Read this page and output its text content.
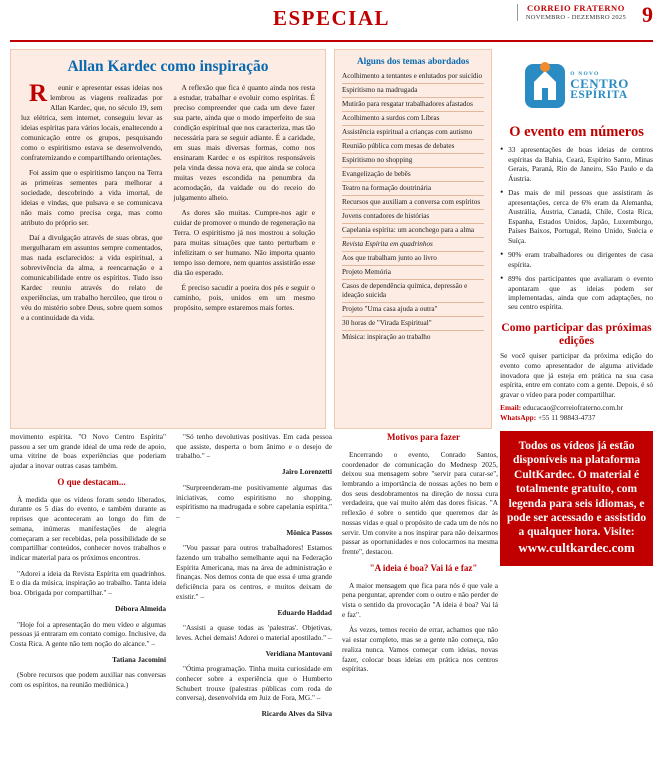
ESPECIAL	CORREIO FRATERNO
NOVEMBRO - DEZEMBRO 2025 9
Allan Kardec como inspiração

Reunir e apresentar essas ideias nos lembrou as viagens realizadas por Allan Kardec, que, no século 19, sem luz elétrica, sem internet, conseguiu levar as ideias espíritas para vários locais, enaltecendo a comunicação entre os grupos, pesquisando como o espiritismo estava se desenvolvendo, confraternizando e compartilhando orientações.

Foi assim que o espiritismo lançou na Terra as primeiras sementes para melhorar a sociedade, descobrindo a vida imortal, de ideias e vindas, que pulsava e se comunicava não mais como precisa cega, mas como atributo do próprio ser.

Daí a divulgação através de suas obras, que mergulharam em assuntos sempre comentados, mas nada esclarecidos: a vida espiritual, a sobrevivência da alma, a reencarnação e a comunicabilidade entre os espíritos. Tudo isso Kardec reuniu através do relato de experiências, um trabalho hercúleo, que tirou o véu do mistério sobre Deus, sobre quem somos e a continuidade da vida.

A reflexão que fica é quanto ainda nos resta a estudar, trabalhar e evoluir como espíritas. É preciso compreender que cada um deve fazer sua parte, ainda que o modo imperfeito de sua condição espiritual que nos caracteriza, mas tão necessária para se seguir adiante. É a caridade, em suas mais diversas formas, como nos ensinaram Kardec e os espíritos responsáveis pela vinda dessa nova era, que ainda se coloca muitas vezes escondida na penumbra da acomodação, da vaidade ou do receio do julgamento alheio.

As dores são muitas. Cumpre-nos agir e cuidar de promover o mundo de regeneração na Terra. O espiritismo já nos mostrou a solução para muitas situações que tanto perturbam e infelizitam o ser humano. Não importa quanto tempo isso demore, nem quantos assistirão esse dia tão esperado.

É preciso sacudir a poeira dos pés e seguir o caminho, pois, unidos em um mesmo propósito, sempre estaremos mais fortes.

Alguns dos temas abordados
Acolhimento a tentantes e enlutados por suicídio
Espiritismo na madrugada
Mutirão para resgatar trabalhadores afastados
Acolhimento a surdos com Libras
Assistência espiritual a crianças com autismo
Reunião pública com mesas de debates
Espiritismo no shopping
Evangelização de bebês
Teatro na formação doutrinária
Recursos que auxiliam a conversa com espíritos
Jovens contadores de histórias
Capelania espírita: um aconchego para a alma
Revista Espírita em quadrinhos
Aos que trabalham junto ao livro
Projeto Memória
Casos de dependência química, depressão e ideação suicida
Projeto "Uma casa ajuda a outra"
30 horas de "Virada Espiritual"
Música: inspiração ao trabalho
O NOVO
CENTRO
ESPÍRITA
O evento em números
• 33 apresentações de boas ideias de centros espíritas da Bahia, Ceará, Espírito Santo, Minas Gerais, Paraná, Rio de Janeiro, São Paulo e da Áustria.
• Das mais de mil pessoas que assistiram às apresentações, cerca de 6% eram da Alemanha, Austrália, Áustria, Canadá, Chile, Costa Rica, Espanha, Estados Unidos, Japão, Luxemburgo, Países Baixos, Portugal, Reino Unido, Suécia e Suíça.
• 90% eram trabalhadores ou dirigentes de casa espírita.
• 89% dos participantes que avaliaram o evento apontaram que as ideias podem ser implementadas, ainda que com adaptações, no seu centro espírita.
Como participar das próximas edições

Se você quiser participar da próxima edição do evento como apresentador de alguma atividade inovadora que já esteja em prática na sua casa espírita, entre em contato com a gente. Depois, é só gravar o vídeo para poder compartilhar.

Email: educacao@correiofraterno.com.br
WhatsApp: +55 11 98843-4737
Todos os vídeos já estão disponíveis na plataforma CultKardec. O material é totalmente gratuito, com legenda para seis idiomas, e pode ser acessado e assistido a qualquer hora. Visite:
www.cultkardec.com

movimento espírita. "O Novo Centro Espírita" passou a ser um grande ideal de uma rede de apoio, uma vitrine de boas experiências que poderiam ajudar a inovar outras casas também.

O que destacam...

À medida que os vídeos foram sendo liberados, durante os 5 dias do evento, e também durante as reprises que aconteceram ao longo do fim de semana, inúmeras manifestações de alegria começaram a ser recebidas, pela possibilidade de se compartilhar conteúdos, conhecer novos trabalhos e indicar material para os próximos encontros.

"Adorei a ideia da Revista Espírita em quadrinhos. E o dia da música, inspiração ao trabalho. Tanta ideia boa. Obrigada por compartilhar." –

Débora Almeida

"Hoje foi a apresentação do meu vídeo e algumas pessoas já entraram em contato comigo. Inclusive, da Costa Rica. A gente não tem noção do alcance." –

Tatiana Jacomini

(Sobre recursos que podem auxiliar nas conversas com os espíritos, na reunião mediúnica.)

"Só tenho devolutivas positivas. Em cada pessoa que assiste, desperta o bom ânimo e o desejo de trabalho." –

Jairo Lorenzetti

"Surpreenderam-me positivamente algumas das iniciativas, como espiritismo no shopping, espiritismo na madrugada e sobre capelania espírita." –

Mônica Passos

"Vou passar para outros trabalhadores! Estamos fazendo um trabalho semelhante aqui na Federação Espírita Americana, mas na área de administração e finanças. Nos demos conta de que essa é uma grande deficiência para os centros, e muitos deixam de existir." –

Eduardo Haddad

"Assisti a quase todas as 'palestras'. Objetivas, leves. Achei demais! Adorei o material apostilado." –

Veridiana Mantovani

"Ótima programação. Tinha muita curiosidade em conhecer sobre a experiência que o Humberto Schubert trouxe (palestras públicas com roda de conversa), desenvolvida em Juiz de Fora, MG." –

Ricardo Alves da Silva

Motivos para fazer

Encerrando o evento, Conrado Santos, coordenador de comunicação do Mednesp 2025, deixou sua mensagem sobre "servir para curar-se", lembrando a importância de nossas ações no bem e dos seus desdobramentos na direção de nossa cura verdadeira, que vai muito além das dores físicas. "A reflexão é sobre o sentido que queremos dar às nossas vidas e qual o propósito de cada um de nós no servir. Um convite a nos inspirar para não deixarmos passar as oportunidades e nos colocarmos na mesma frente", destacou.

"A ideia é boa? Vai lá e faz"

A maior mensagem que fica para nós é que vale a pena perguntar, aprender com o outro e não perder de vista o sentido da provocação "A ideia é boa? Vai lá e faz".

Às vezes, temos receio de errar, achamos que não vai estar completo, mas se a gente não começa, não realiza nunca. Vamos começar com ideias, novas fazer, colocar boas ideias em prática nos centros espíritas.
